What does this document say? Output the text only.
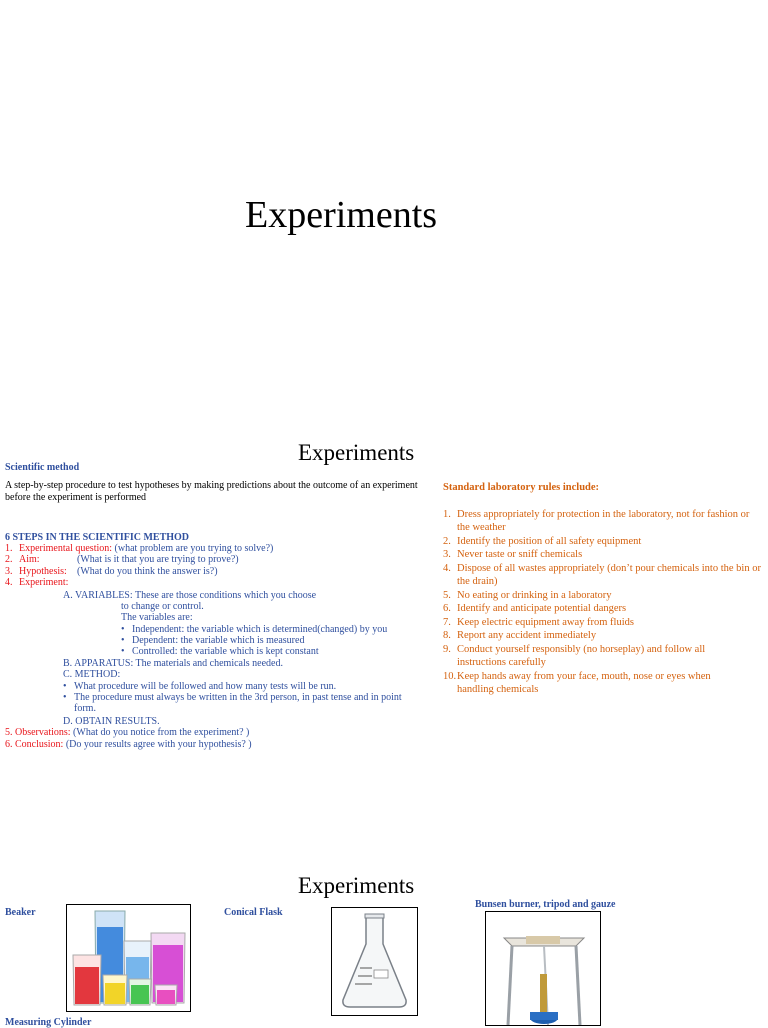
Experiments
Experiments
Scientific method
A step-by-step procedure to test hypotheses by making predictions about the outcome of an experiment
before the experiment is performed
6 STEPS IN THE SCIENTIFIC METHOD
1. Experimental question: (what problem are you trying to solve?)
2. Aim:	(What is it that you are trying to prove?)
3. Hypothesis: (What do you think the answer is?)
4. Experiment:
A. VARIABLES: These are those conditions which you choose
to change or control.
The variables are:
•   Independent: the variable which is determined(changed) by you
•   Dependent: the variable which is measured
•   Controlled: the variable which is kept constant
B. APPARATUS: The materials and chemicals needed.
C. METHOD:
•   What procedure will be followed and how many tests will be run.
•   The procedure must always be written in the 3rd person, in past tense and in point
form.
D. OBTAIN RESULTS.
5. Observations: (What do you notice from the experiment? )
6. Conclusion: (Do your results agree with your hypothesis? )
Standard laboratory rules include:
1. Dress appropriately for protection in the laboratory, not for fashion or the weather
2. Identify the position of all safety equipment
3. Never taste or sniff chemicals
4. Dispose of all wastes appropriately (don’t pour chemicals into the bin or the drain)
5. No eating or drinking in a laboratory
6. Identify and anticipate potential dangers
7. Keep electric equipment away from fluids
8. Report any accident immediately
9. Conduct yourself responsibly (no horseplay) and follow all instructions carefully
10. Keep hands away from your face, mouth, nose or eyes when handling chemicals
Experiments
Beaker	Conical Flask
Bunsen burner, tripod and gauze
Measuring Cylinder
